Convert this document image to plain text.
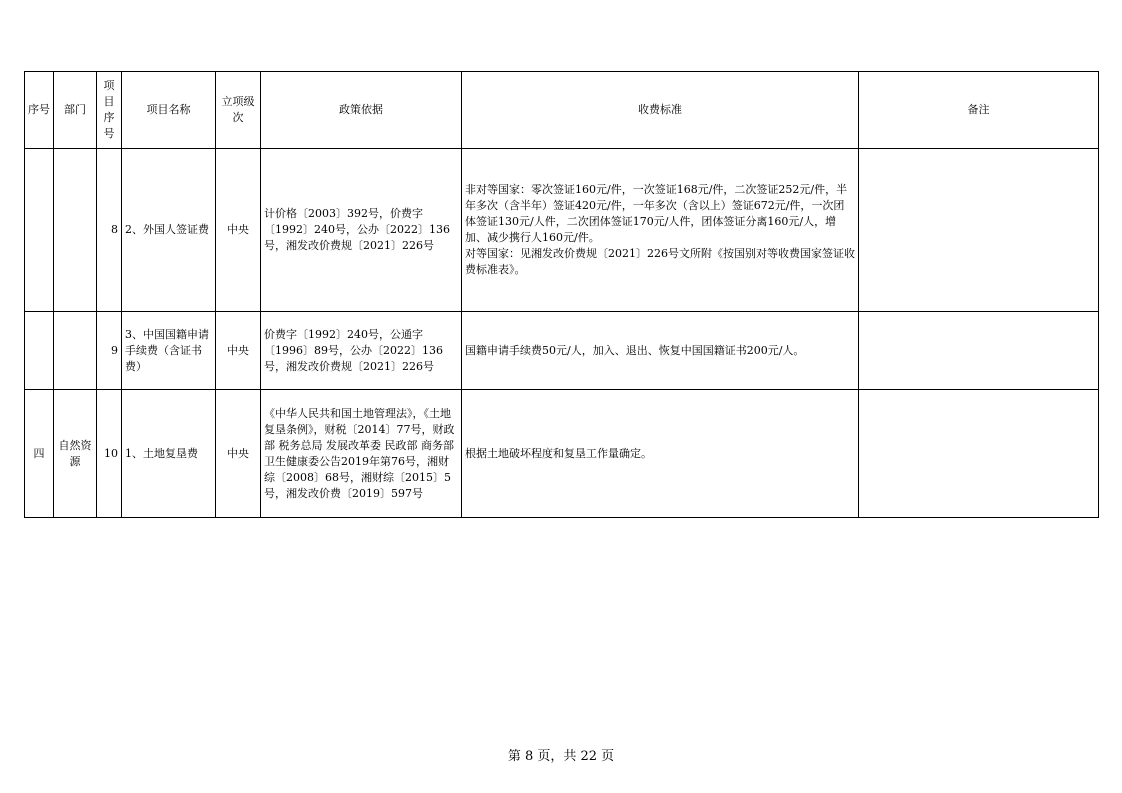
序号	部门	项目序号	项目名称	立项级次	政策依据	收费标准	备注
		8	2、外国人签证费	中央	计价格〔2003〕392号，价费字〔1992〕240号，公办〔2022〕136号，湘发改价费规〔2021〕226号	非对等国家：零次签证160元/件，一次签证168元/件，二次签证252元/件，半年多次（含半年）签证420元/件，一年多次（含以上）签证672元/件，一次团体签证130元/人件，二次团体签证170元/人件，团体签证分离160元/人，增加、减少携行人160元/件。
对等国家：见湘发改价费规〔2021〕226号文所附《按国别对等收费国家签证收费标准表》。	

		9	3、中国国籍申请手续费（含证书费）	中央	价费字〔1992〕240号，公通字〔1996〕89号，公办〔2022〕136号，湘发改价费规〔2021〕226号	国籍申请手续费50元/人，加入、退出、恢复中国国籍证书200元/人。	

四	自然资源	10	1、土地复垦费	中央	《中华人民共和国土地管理法》，《土地复垦条例》，财税〔2014〕77号，财政部 税务总局 发展改革委 民政部 商务部 卫生健康委公告2019年第76号，湘财综〔2008〕68号，湘财综〔2015〕5号，湘发改价费〔2019〕597号	根据土地破坏程度和复垦工作量确定。	

第 8 页，共 22 页
